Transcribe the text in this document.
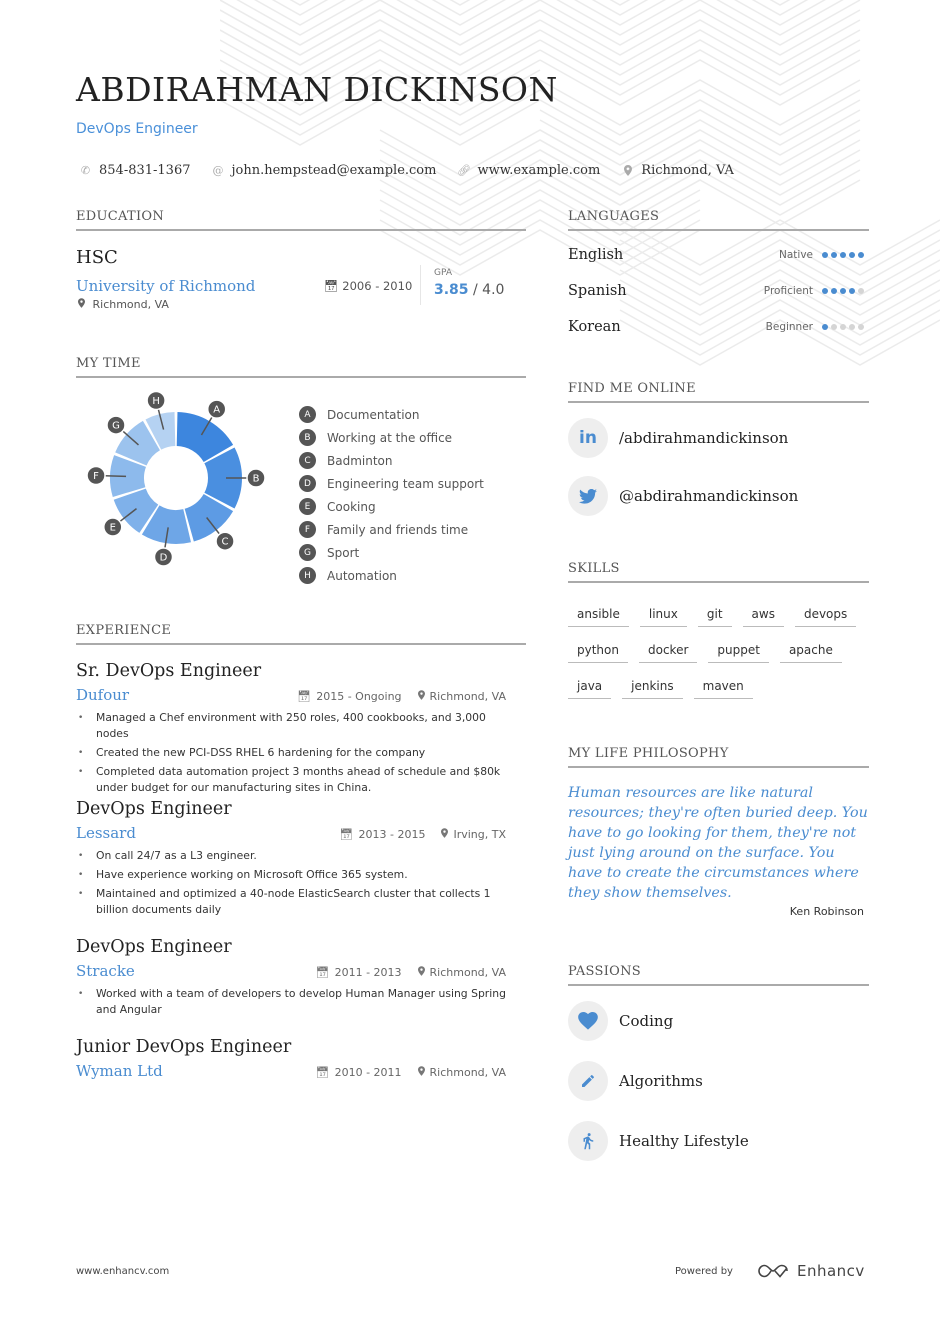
ABDIRAHMAN DICKINSON
DevOps Engineer
✆ 854-831-1367 @ john.hempstead@example.com 🔗︎ www.example.com	Richmond, VA
EDUCATION
HSC
University of Richmond
Richmond, VA
📅︎ 2006 - 2010
GPA
3.85 / 4.0
LANGUAGES
English	Native
Spanish	Proficient
Korean	Beginner
MY TIME
A
B
C
D
E
F
G
H
A	Documentation
B	Working at the office
C	Badminton
D	Engineering team support
E	Cooking
F	Family and friends time
G	Sport
H	Automation
FIND ME ONLINE
in	/abdirahmandickinson
@abdirahmandickinson
SKILLS
ansible	linux	git	aws	devops
python	docker	puppet	apache
java	jenkins	maven
EXPERIENCE
Sr. DevOps Engineer
Dufour	📅︎ 2015 - Ongoing	Richmond, VA
• Managed a Chef environment with 250 roles, 400 cookbooks, and 3,000 nodes
• Created the new PCI-DSS RHEL 6 hardening for the company
• Completed data automation project 3 months ahead of schedule and $80k under budget for our manufacturing sites in China.
DevOps Engineer
Lessard	📅︎ 2013 - 2015	Irving, TX
• On call 24/7 as a L3 engineer.
• Have experience working on Microsoft Office 365 system.
• Maintained and optimized a 40-node ElasticSearch cluster that collects 1 billion documents daily
DevOps Engineer
Stracke	📅︎ 2011 - 2013	Richmond, VA
• Worked with a team of developers to develop Human Manager using Spring and Angular
Junior DevOps Engineer
Wyman Ltd	📅︎ 2010 - 2011	Richmond, VA
MY LIFE PHILOSOPHY
Human resources are like natural resources; they're often buried deep. You have to go looking for them, they're not just lying around on the surface. You have to create the circumstances where they show themselves.
Ken Robinson
PASSIONS
Coding
Algorithms
Healthy Lifestyle
www.enhancv.com	Powered by	Enhancv
